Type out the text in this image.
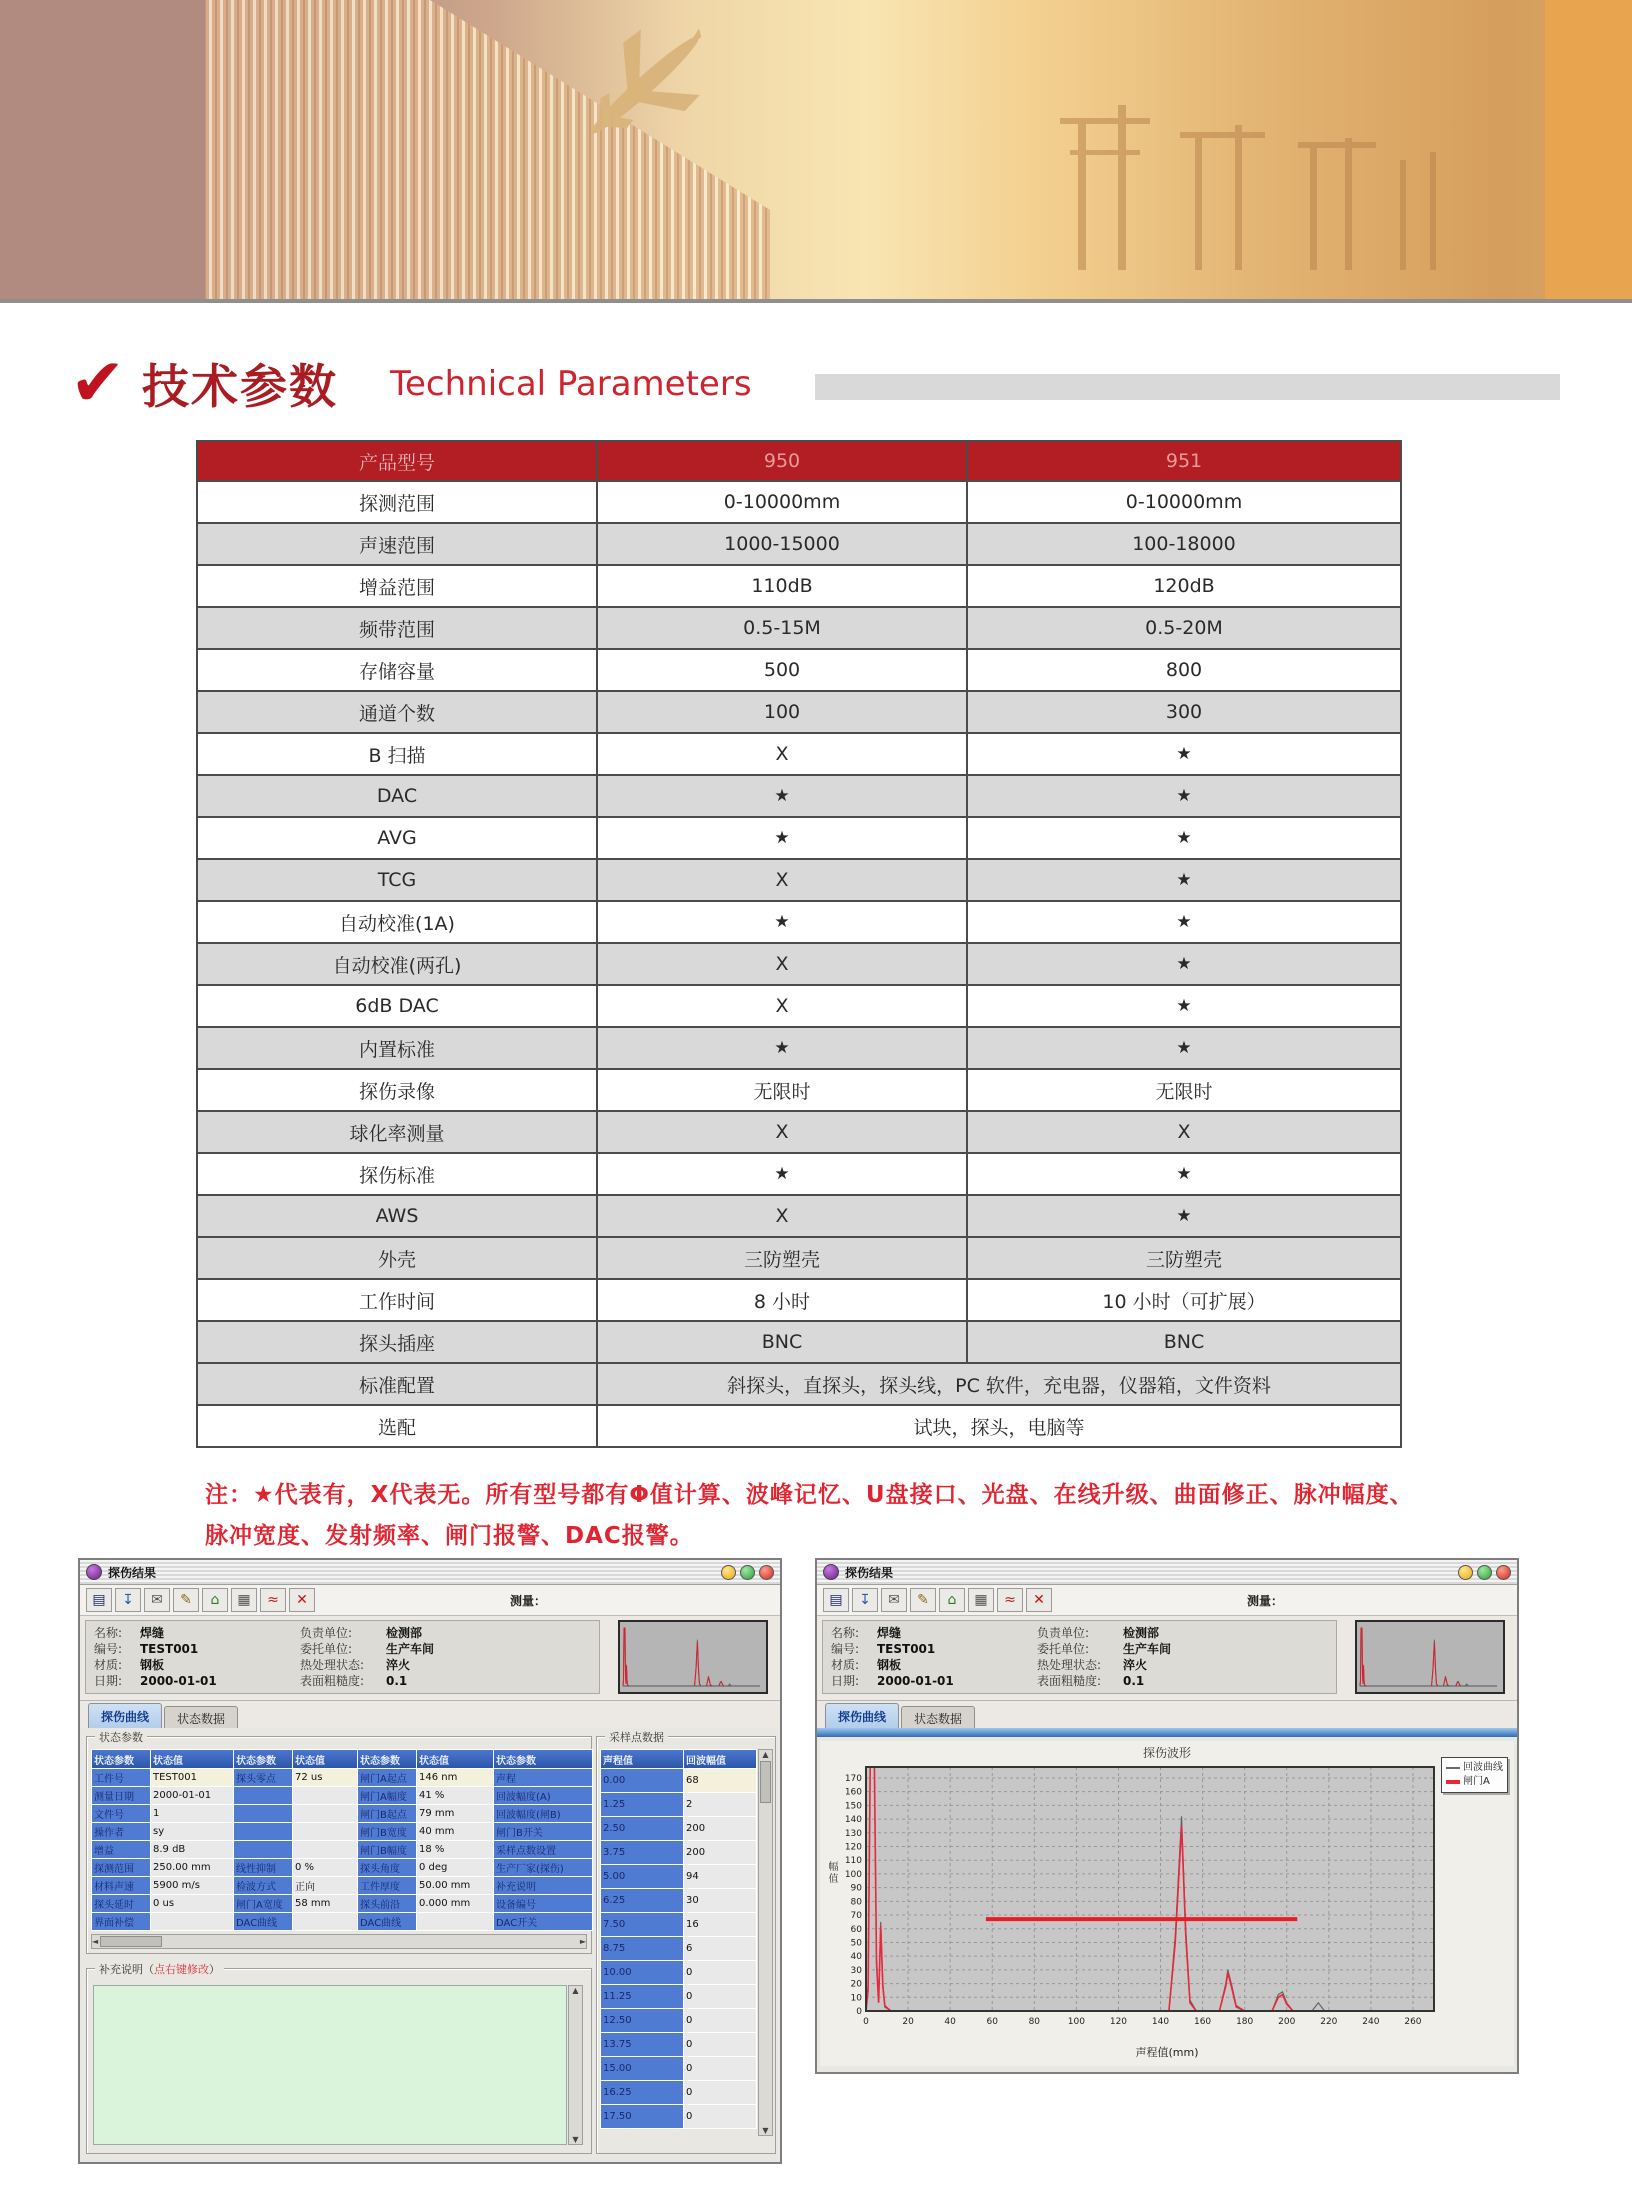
✔ 技术参数 Technical Parameters
产品型号	950	951
探测范围	0-10000mm	0-10000mm
声速范围	1000-15000	100-18000
增益范围	110dB	120dB
频带范围	0.5-15M	0.5-20M
存储容量	500	800
通道个数	100	300
B 扫描	X	★
DAC	★	★
AVG	★	★
TCG	X	★
自动校准(1A)	★	★
自动校准(两孔)	X	★
6dB DAC	X	★
内置标准	★	★
探伤录像	无限时	无限时
球化率测量	X	X
探伤标准	★	★
AWS	X	★
外壳	三防塑壳	三防塑壳
工作时间	8 小时	10 小时（可扩展）
探头插座	BNC	BNC
标准配置	斜探头，直探头，探头线，PC 软件，充电器，仪器箱，文件资料	
选配	试块，探头，电脑等	

注：★代表有，X代表无。所有型号都有Φ值计算、波峰记忆、U盘接口、光盘、在线升级、曲面修正、脉冲幅度、
脉冲宽度、发射频率、闸门报警、DAC报警。

探伤结果
▤	↧	✉	✎	⌂	▦	≈	✕	测量：
名称:	焊缝	负责单位:	检测部
编号:	TEST001	委托单位:	生产车间
材质:	钢板	热处理状态:	淬火
日期:	2000-01-01	表面粗糙度:	0.1
探伤曲线	状态数据
状态参数
状态参数	状态值	状态参数	状态值	状态参数	状态值	状态参数
工件号	TEST001	探头零点	72 us	闸门A起点	146 nm	声程
测量日期	2000-01-01			闸门A幅度	41 %	回波幅度(A)
文件号	1			闸门B起点	79 mm	回波幅度(闸B)
操作者	sy			闸门B宽度	40 mm	闸门B开关
增益	8.9 dB			闸门B幅度	18 %	采样点数设置
探测范围	250.00 mm	线性抑制	0 %	探头角度	0 deg	生产厂家(探伤)
材料声速	5900 m/s	检波方式	正向	工件厚度	50.00 mm	补充说明
探头延时	0 us	闸门A宽度	58 mm	探头前沿	0.000 mm	设备编号
界面补偿		DAC曲线		DAC曲线		DAC开关
◄	►
补充说明（点右键修改）
▲
▼
采样点数据
声程值	回波幅值
0.00	68
1.25	2
2.50	200
3.75	200
5.00	94
6.25	30
7.50	16
8.75	6
10.00	0
11.25	0
12.50	0
13.75	0
15.00	0
16.25	0
17.50	0
▲
▼
探伤结果
▤	↧	✉	✎	⌂	▦	≈	✕	测量：
名称:	焊缝	负责单位:	检测部
编号:	TEST001	委托单位:	生产车间
材质:	钢板	热处理状态:	淬火
日期:	2000-01-01	表面粗糙度:	0.1
探伤曲线	状态数据
探伤波形
幅值
0	20	40	60	80	100	120	140	160	180	200	220	240	260
0
10
20
30
40
50
60
70
80
90
100
110
120
130
140
150
160
170
声程值(mm)
回波曲线
闸门A
